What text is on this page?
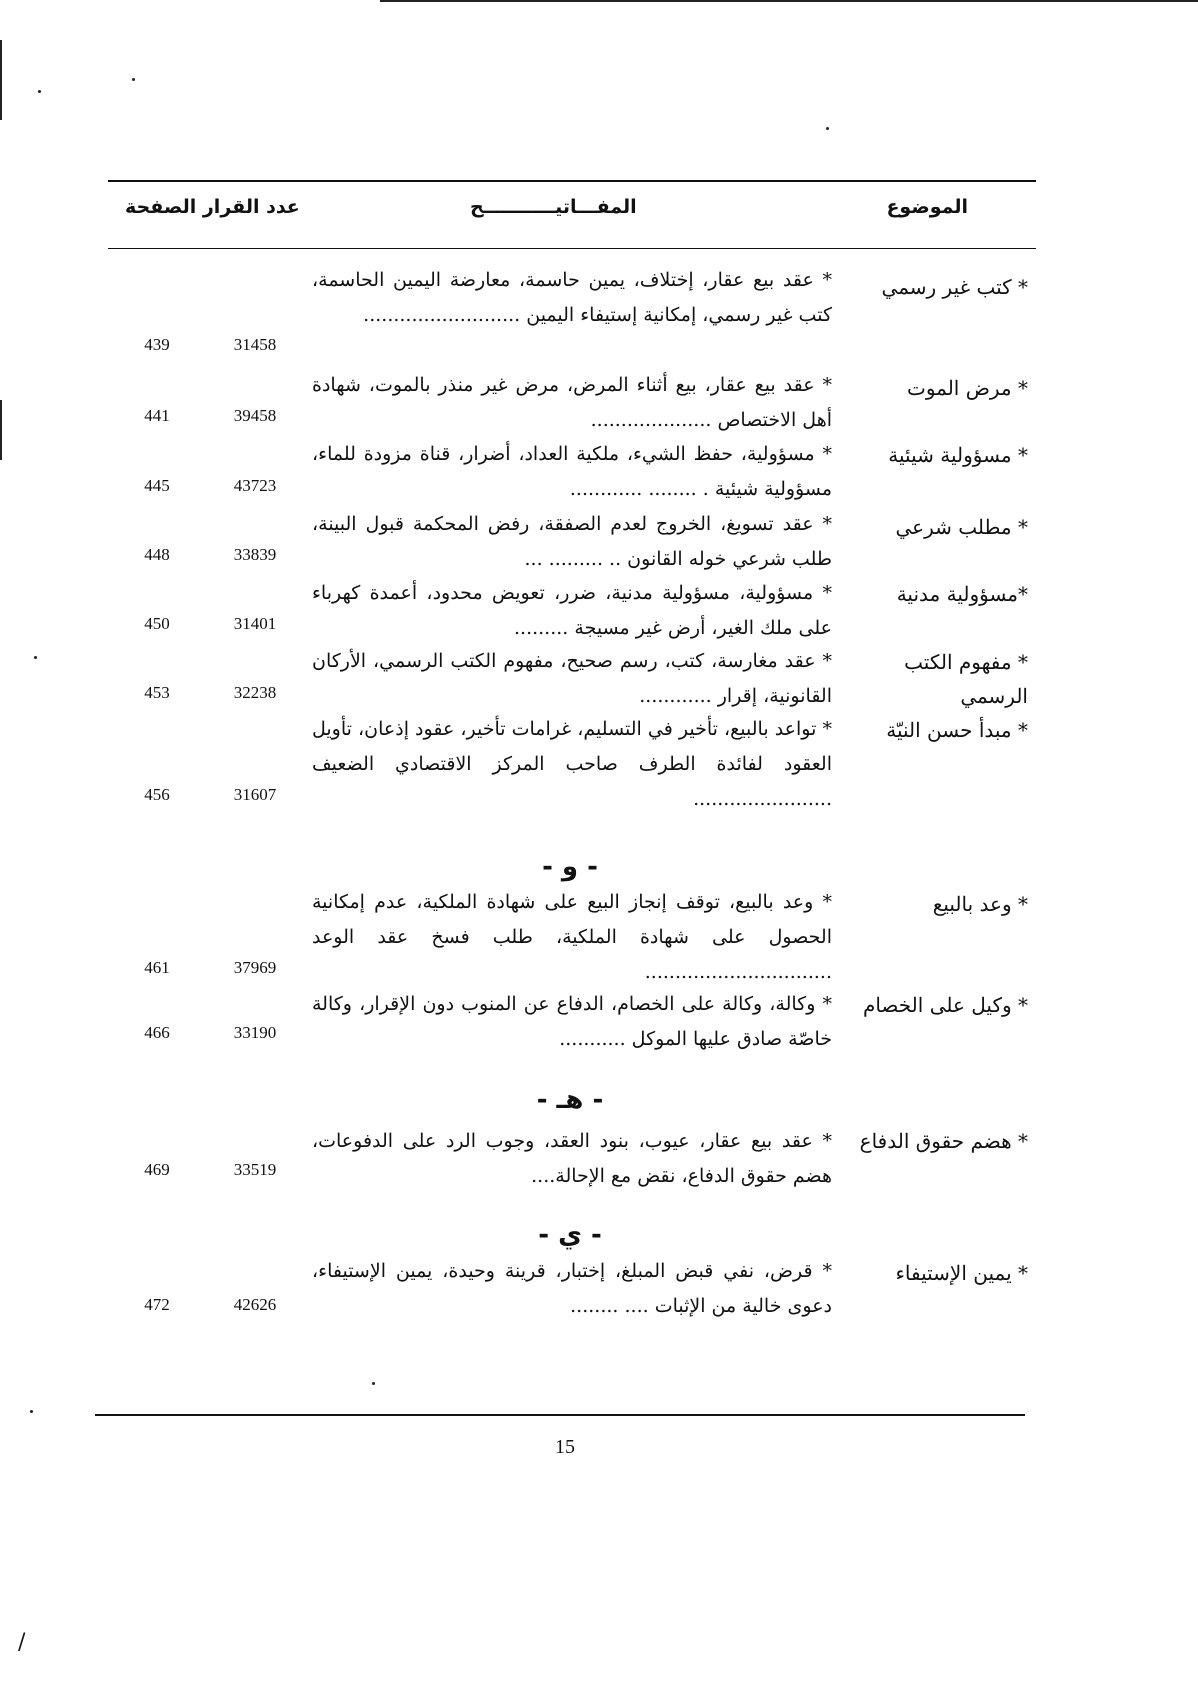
/
الموضوع
المفـــاتيـــــــــــح
عدد القرار الصفحة
* كتب غير رسمي
* عقد بيع عقار، إختلاف، يمين حاسمة، معارضة اليمين الحاسمة، كتب غير رسمي، إمكانية إستيفاء اليمين ..........................
31458
439
* مرض الموت
* عقد بيع عقار، بيع أثناء المرض، مرض غير منذر بالموت، شهادة أهل الاختصاص ....................
39458
441
* مسؤولية شيئية
* مسؤولية، حفظ الشيء، ملكية العداد، أضرار، قناة مزودة للماء، مسؤولية شيئية . ........ ............
43723
445
* مطلب شرعي
* عقد تسويغ، الخروج لعدم الصفقة، رفض المحكمة قبول البينة، طلب شرعي خوله القانون .. ......... ...
33839
448
*مسؤولية مدنية
* مسؤولية، مسؤولية مدنية، ضرر، تعويض محدود، أعمدة كهرباء على ملك الغير، أرض غير مسيجة .........
31401
450
* مفهوم الكتب الرسمي
* عقد مغارسة، كتب، رسم صحيح، مفهوم الكتب الرسمي، الأركان القانونية، إقرار ............
32238
453
* مبدأ حسن النيّة
* تواعد بالبيع، تأخير في التسليم، غرامات تأخير، عقود إذعان، تأويل العقود لفائدة الطرف صاحب المركز الاقتصادي الضعيف .......................
31607
456
- و -
* وعد بالبيع
* وعد بالبيع، توقف إنجاز البيع على شهادة الملكية، عدم إمكانية الحصول على شهادة الملكية، طلب فسخ عقد الوعد ...............................
37969
461
* وكيل على الخصام
* وكالة، وكالة على الخصام، الدفاع عن المنوب دون الإقرار، وكالة خاصّة صادق عليها الموكل ...........
33190
466
- هـ -
* هضم حقوق الدفاع
* عقد بيع عقار، عيوب، بنود العقد، وجوب الرد على الدفوعات، هضم حقوق الدفاع، نقض مع الإحالة....
33519
469
- ي -
* يمين الإستيفاء
* قرض، نفي قبض المبلغ، إختبار، قرينة وحيدة، يمين الإستيفاء، دعوى خالية من الإثبات .... ........
42626
472
15
